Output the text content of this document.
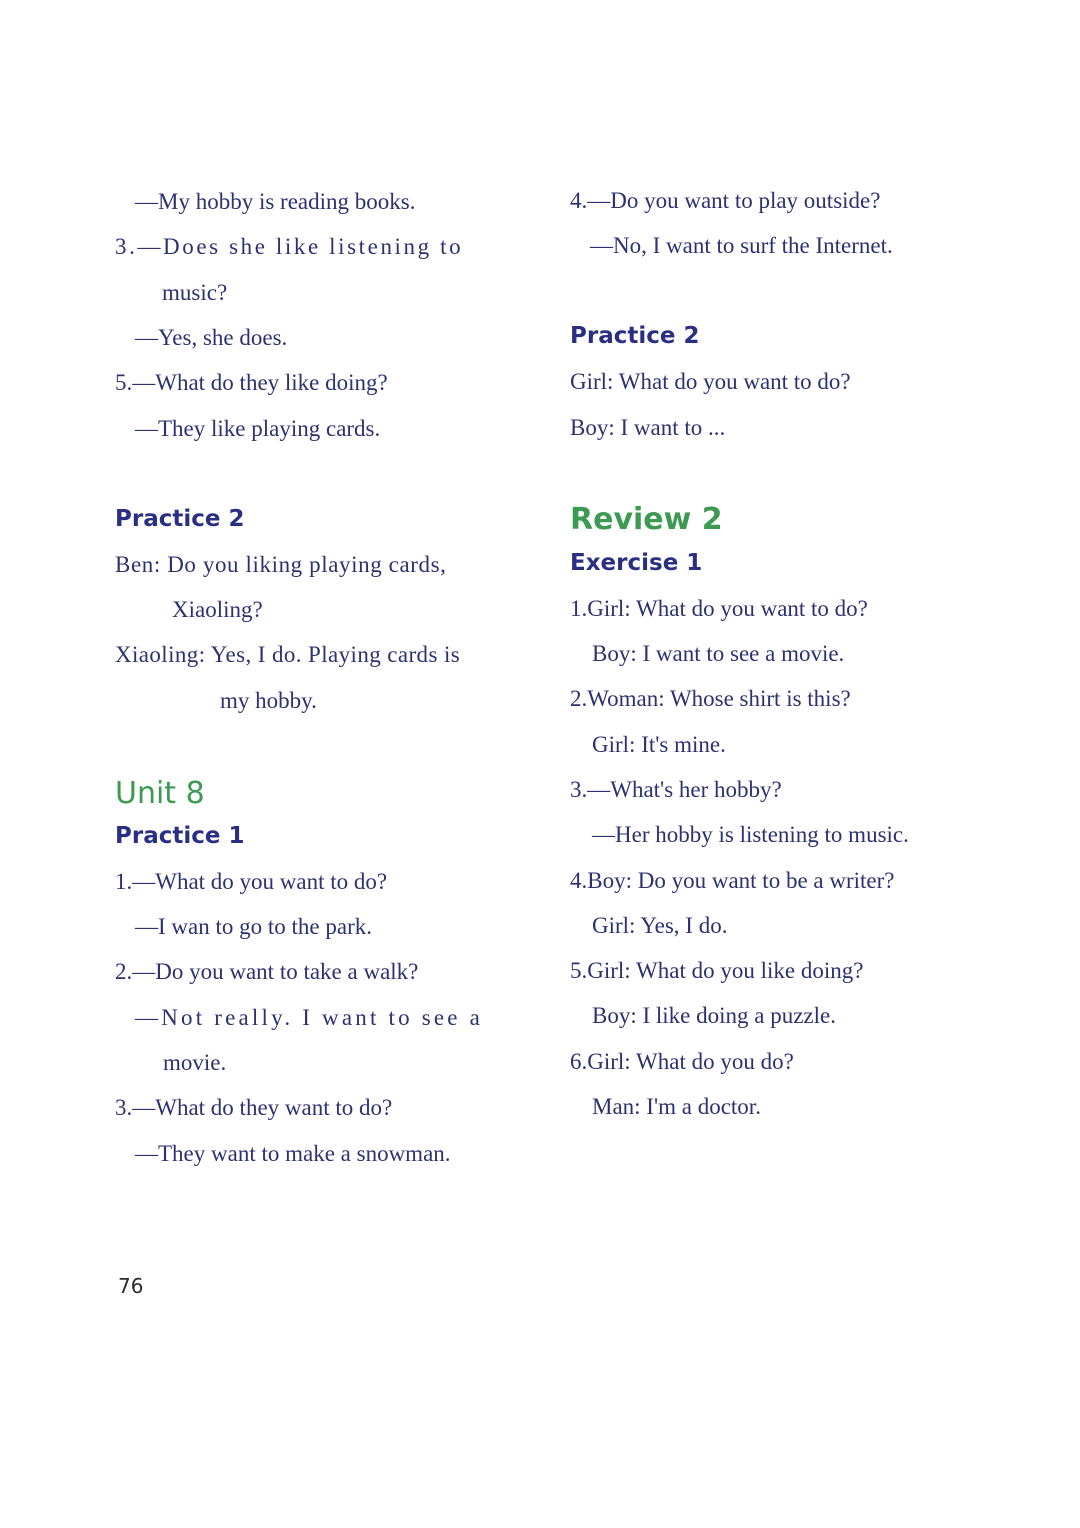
—My hobby is reading books.
3.—Does she like listening to
music?
—Yes, she does.
5.—What do they like doing?
—They like playing cards.
Practice 2
Ben: Do you liking playing cards,
Xiaoling?
Xiaoling: Yes, I do. Playing cards is
my hobby.
Unit 8
Practice 1
1.—What do you want to do?
—I wan to go to the park.
2.—Do you want to take a walk?
—Not really. I want to see a
movie.
3.—What do they want to do?
—They want to make a snowman.
4.—Do you want to play outside?
—No, I want to surf the Internet.
Practice 2
Girl: What do you want to do?
Boy: I want to ...
Review 2
Exercise 1
1.Girl: What do you want to do?
Boy: I want to see a movie.
2.Woman: Whose shirt is this?
Girl: It's mine.
3.—What's her hobby?
—Her hobby is listening to music.
4.Boy: Do you want to be a writer?
Girl: Yes, I do.
5.Girl: What do you like doing?
Boy: I like doing a puzzle.
6.Girl: What do you do?
Man: I'm a doctor.
76
